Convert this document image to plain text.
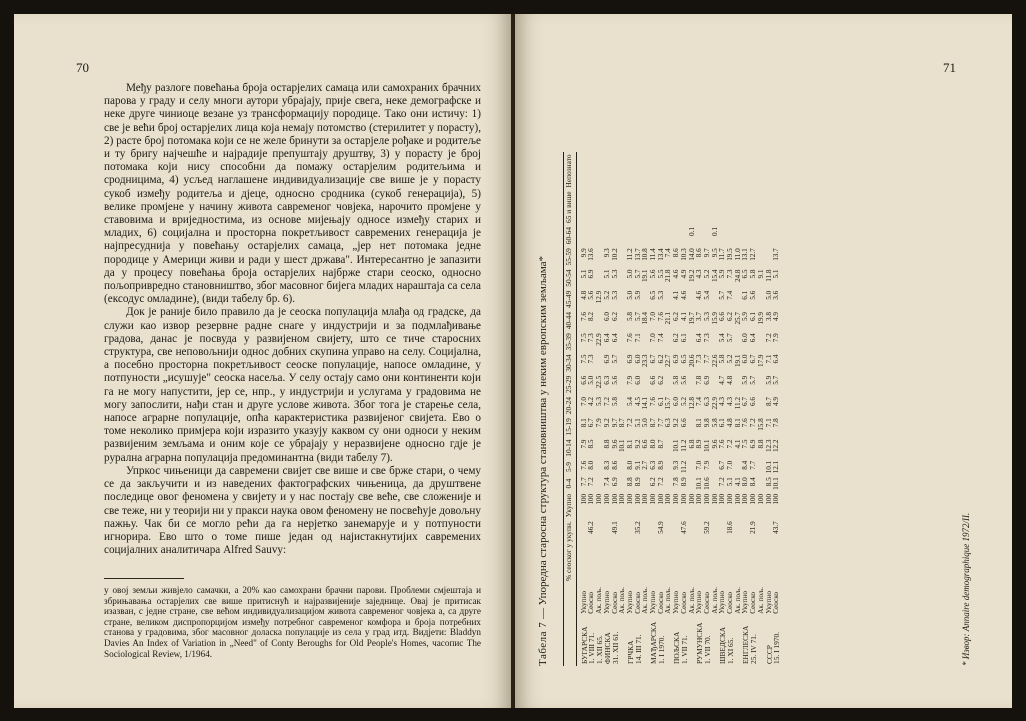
70

Међу разлоге повећања броја остарјелих самаца или самохраних брачних парова у граду и селу многи аутори убрајају, прије свега, неке демографске и неке друге чиниоце везане уз трансформацију породице. Тако они истичу: 1) све је већи број остарјелих лица која немају потомство (стерилитет у порасту), 2) расте број потомака који се не желе бринути за остарјеле рођаке и родитеље и ту бригу најчешће и најрадије препуштају друштву, 3) у порасту је број потомака који нису способни да помажу остарјелим родитељима и сродницима, 4) усљед наглашене индивидуализације све више је у порасту сукоб између родитеља и дјеце, односно сродника (сукоб генерација), 5) велике промјене у начину живота савременог човјека, нарочито промјене у ставовима и вриједностима, из основе мијењају односе између старих и младих, 6) социјална и просторна покретљивост савремених генерација је најпресуднија у повећању остарјелих самаца, „јер нет потомака једне породице у Америци живи и ради у шест држава". Интересантно је запазити да у процесу повећања броја остарјелих најбрже стари сеоско, односно пољопривредно становништво, због масовног бијега младих нараштаја са села (ексодус омладине), (види табелу бр. 6).

Док је раније било правило да је сеоска популација млађа од градске, да служи као извор резервне радне снаге у индустрији и за подмлађивање градова, данас је посвуда у развијеном свијету, што се тиче старосних структура, све неповољнији однос добних скупина управо на селу. Социјална, а посебно просторна покретљивост сеоске популације, напосе омладине, у потпуности „исушује" сеоска насеља. У селу остају само они континенти који га не могу напустити, јер се, нпр., у индустрији и услугама у градовима не могу запослити, нађи стан и друге услове живота. Због тога је старење села, напосе аграрне популације, опћа карактеристика развијеног свијета. Ево о томе неколико примјера који изразито указују каквом су они односи у неким развијеним земљама и оним које се убрајају у неразвијене односно гдје је рурална аграрна популација предоминантна (види табелу 7).

Упркос чињеници да савремени свијет све више и све брже стари, о чему се да закључити и из наведених фактографских чињеница, да друштвене последице овог феномена у свијету и у нас постају све веће, све сложеније и све теже, ни у теорији ни у пракси наука овом феномену не посвећује довољну пажњу. Чак би се могло рећи да га нерјетко занемарује и у потпуности игнорира. Ево што о томе пише један од најистакнутијих савремених социјалних аналитичара Alfred Sauvy:

у овој земљи живјело самачки, а 20% као самохрани брачни парови. Проблеми смјештаја и збрињавања остарјелих све више притиснућ и најразвијеније заједнице. Овај је притисак изазван, с једне стране, све већом индивидуализацијом живота савременог човјека а, са друге стране, великом диспропорцијом између потребног савременог комфора и броја потребних станова у градовима, због масовног доласка популације из села у град итд. Видјети: Bladdyn Davies An Index of Variation in „Need" of Conty Beroughs for Old People's Homes, часопис The Sociological Review, 1/1964.

71
Табела 7 — Упоредна старосна структура становништва у неким европским земљама*
		% сеоског у укупн.	Укупно	0-4	5-9	10-14	15-19	20-24	25-29	30-34	35-39	40-44	45-49	50-54	55-59	60-64	65 и више	Непознато
БУГАРСКА	Укупно		100	7.7	7.6	7.9	8.1	7.0	6.6	7.5	7.5	7.6	4.8	5.1	9.9			
1. VIII 71.	Сеоско	46.2	100	7.2	8.0	8.5	6.7	4.2	5.0	7.3	7.3	8.2	5.6	6.9	13.6			
1. XII 65.	Ак. пољ.		100				7.9	5.3	22.5		22.9		12.9					
ФИНСКА	Укупно		100	7.4	8.3	8.8	9.2	7.2	6.3	6.9	6.4	6.0	5.2	5.1	9.3			
31. XII 61.	Сеоско	49.1	100	6.9	8.6	9.6	9.7	5.8	5.6	5.7	6.4	6.2	5.3	5.3	10.2			
	Ак. пољ.		100			10.1	8.7											
ГРЧКА	Укупно		100	8.8	8.0	8.1	7.2	5.4	7.9	6.9	7.6	5.8	5.0	5.0	11.2			
14. III 71.	Сеоско	35.2	100	8.9	9.1	9.2	5.1	4.5	6.0	6.0	7.1	5.7	5.9	5.7	13.7			
	Ак. пољ.		100		2.7	6.6	5.0	14.1		23.3		18.4		19.1	10.8			
МАЂАРСКА	Укупно		100	6.2	6.3	8.0	8.7	7.6	6.6	6.7	7.0	7.0	6.5	5.6	11.4			
1. I 1970.	Сеоско	54.9	100	7.2	8.9	8.7	7.7	6.1	6.2	6.2	7.4	7.6	5.3	5.5	13.4			
	Ак. пољ.		100				6.3	15.7		22.7		21.1		21.8	7.4			
ПОЉСКА	Укупно		100	7.8	9.3	10.1	9.2	6.0	5.8	6.9	6.2	6.2	4.1	4.6	8.6			
1. VII 71.	Сеоско	47.6	100	8.9	11.2	11.2	6.6	5.2	5.6	6.5	6.1	4.1	4.6	4.9	10.3			
	Ак. пољ.		100			6.8		12.8		20.6		19.7		19.2	14.0	0.1		
РУМУНСКА	Укупно		100	10.1	7.0	8.9	8.1	7.4	7.8	7.3	6.4	3.7	4.6	4.3	8.6			
1. VII 70.	Сеоско	59.2	100	10.6	7.9	10.1	9.8	6.3	6.9	7.7	7.3	5.3	5.4	5.2	9.7			
	Ак. пољ.		100			9.6	5.8	22.9		22.6		15.9		15.4	9.5	0.1		
ШВЕДСКА	Укупно		100	7.2	6.7	7.6	6.1	4.3	4.7	5.8	5.4	6.6	5.7	5.9	11.7			
1. XI 65.	Сеоско	18.6	100	5.1	7.0	7.2	4.8	4.3	4.8	5.2	5.7	6.2	7.4	7.3	19.5			
	Ак. пољ.		100	4.1		4.1	8.1	11.2		19.1		25.7		24.8	11.0			
ЕНГЛЕСКА	Укупно		100	8.0	8.4	7.5	7.6	6.7	5.9	6.0	6.0	5.9	6.1	6.5	13.1			
25. IV 71.	Сеоско	21.9	100	8.4	7.7	6.9	7.2	6.6	5.7	6.7	6.4	6.1	5.6	5.8	12.7			
	Ак. пољ.		100			8.8	15.8			17.9		19.9		9.1				
СССР	Укупно		100	8.5	10.1	12.3	7.1	8.7	5.9	7.1	7.2	3.8	5.0	11.8				
15. I 1970.	Сеоско	43.7	100	10.1	12.1	12.2	7.8	4.9	5.7	6.4	7.9	4.9	3.6	5.1	13.7			
* Извор: Annaire demographique 1972/II.
